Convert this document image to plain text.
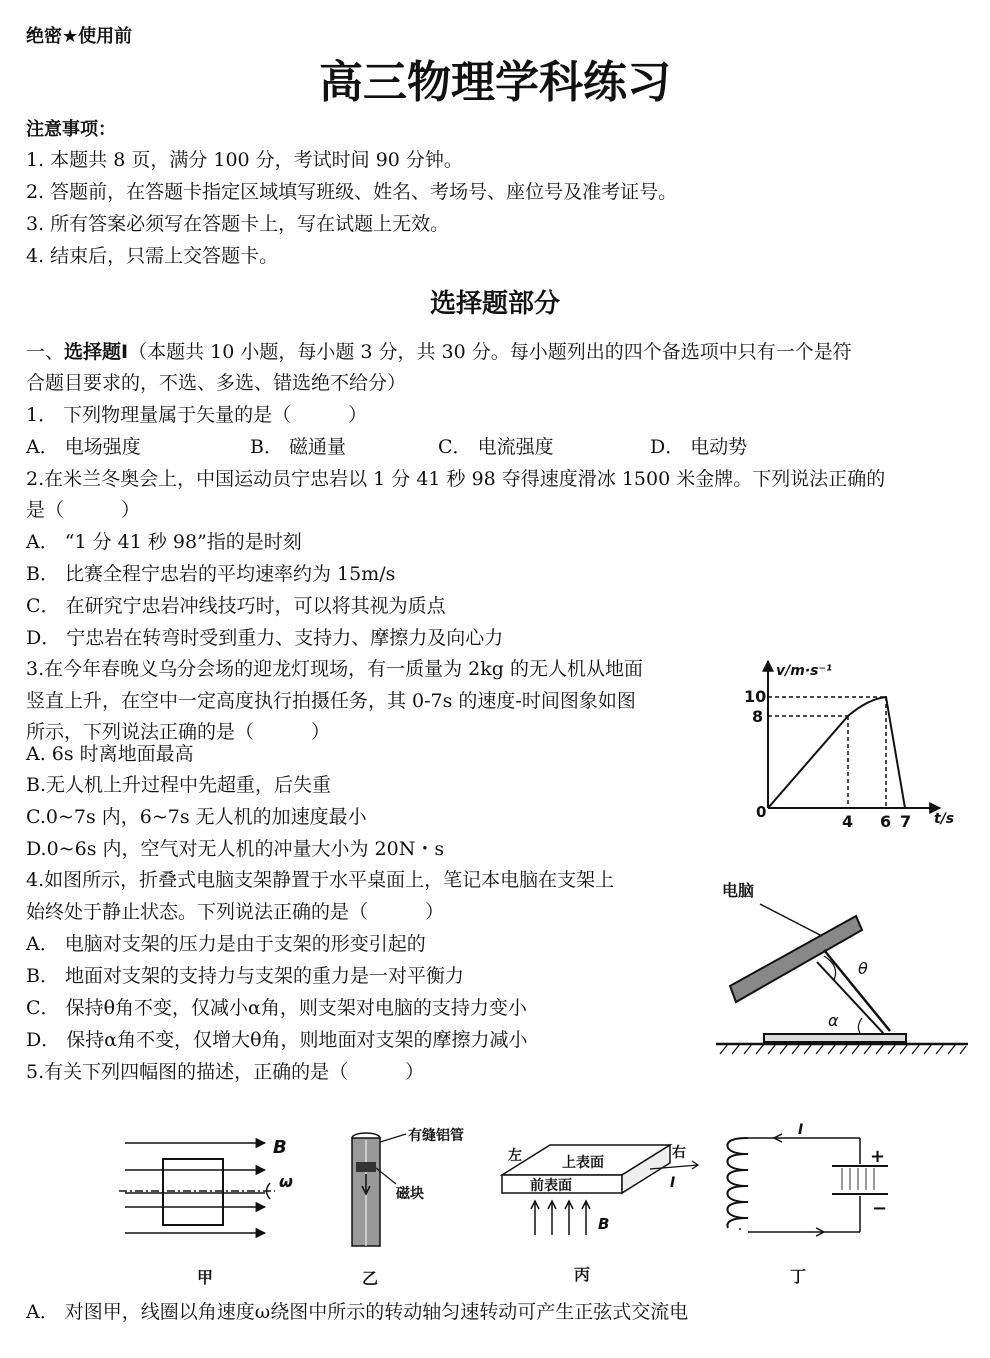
绝密★使用前
高三物理学科练习
注意事项：
1. 本题共 8 页，满分 100 分，考试时间 90 分钟。
2. 答题前，在答题卡指定区域填写班级、姓名、考场号、座位号及准考证号。
3. 所有答案必须写在答题卡上，写在试题上无效。
4. 结束后，只需上交答题卡。
选择题部分
一、选择题Ⅰ（本题共 10 小题，每小题 3 分，共 30 分。每小题列出的四个备选项中只有一个是符
合题目要求的，不选、多选、错选绝不给分）
1． 下列物理量属于矢量的是（　　　）
A． 电场强度	B． 磁通量	C． 电流强度	D． 电动势
2.在米兰冬奥会上，中国运动员宁忠岩以 1 分 41 秒 98 夺得速度滑冰 1500 米金牌。下列说法正确的
是（　　　）
A． “1 分 41 秒 98”指的是时刻
B． 比赛全程宁忠岩的平均速率约为 15m/s
C． 在研究宁忠岩冲线技巧时，可以将其视为质点
D． 宁忠岩在转弯时受到重力、支持力、摩擦力及向心力
3.在今年春晚义乌分会场的迎龙灯现场，有一质量为 2kg 的无人机从地面
竖直上升，在空中一定高度执行拍摄任务，其 0-7s 的速度-时间图象如图
所示，下列说法正确的是（　　　）
A. 6s 时离地面最高
B.无人机上升过程中先超重，后失重
C.0~7s 内，6~7s 无人机的加速度最小
D.0~6s 内，空气对无人机的冲量大小为 20N・s
v/m·s⁻¹
t/s
0
10
8
4 6 7
4.如图所示，折叠式电脑支架静置于水平桌面上，笔记本电脑在支架上
始终处于静止状态。下列说法正确的是（　　　）
A． 电脑对支架的压力是由于支架的形变引起的
B． 地面对支架的支持力与支架的重力是一对平衡力
C． 保持θ角不变，仅减小α角，则支架对电脑的支持力变小
D． 保持α角不变，仅增大θ角，则地面对支架的摩擦力减小
电脑
θ
α
5.有关下列四幅图的描述，正确的是（　　　）
B
ω
甲
有缝铝管
磁块
乙
左	右
上表面
前表面	I
B
丙
I
+
−
丁
A． 对图甲，线圈以角速度ω绕图中所示的转动轴匀速转动可产生正弦式交流电
